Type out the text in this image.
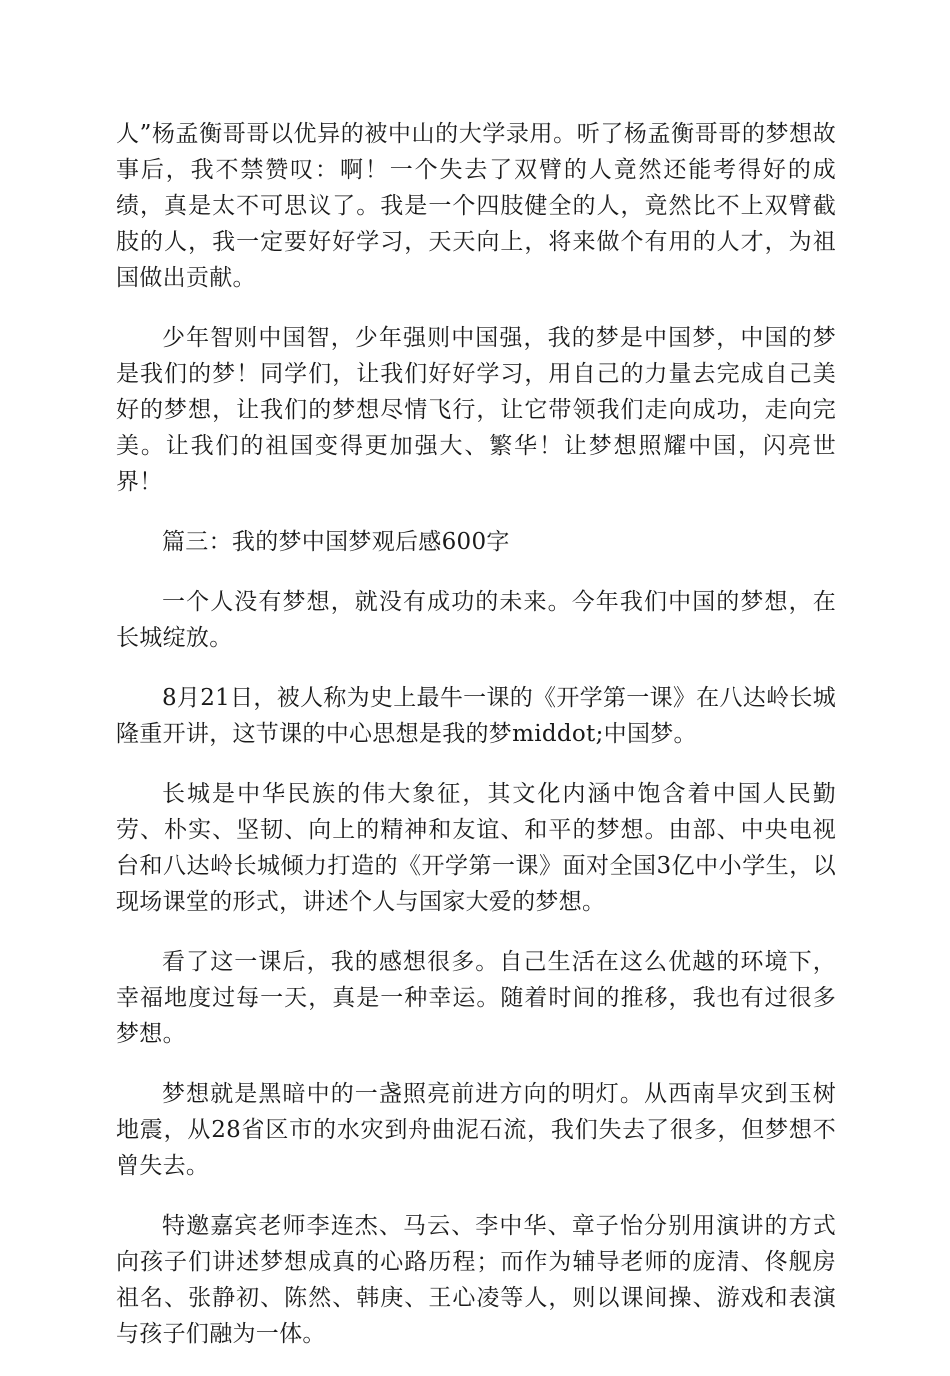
人”杨孟衡哥哥以优异的被中山的大学录用。听了杨孟衡哥哥的梦想故事后，我不禁赞叹：啊！一个失去了双臂的人竟然还能考得好的成绩，真是太不可思议了。我是一个四肢健全的人，竟然比不上双臂截肢的人，我一定要好好学习，天天向上，将来做个有用的人才，为祖国做出贡献。

少年智则中国智，少年强则中国强，我的梦是中国梦，中国的梦是我们的梦！同学们，让我们好好学习，用自己的力量去完成自己美好的梦想，让我们的梦想尽情飞行，让它带领我们走向成功，走向完美。让我们的祖国变得更加强大、繁华！让梦想照耀中国，闪亮世界！

篇三：我的梦中国梦观后感600字

一个人没有梦想，就没有成功的未来。今年我们中国的梦想，在长城绽放。

8月21日，被人称为史上最牛一课的《开学第一课》在八达岭长城隆重开讲，这节课的中心思想是我的梦middot;中国梦。

长城是中华民族的伟大象征，其文化内涵中饱含着中国人民勤劳、朴实、坚韧、向上的精神和友谊、和平的梦想。由部、中央电视台和八达岭长城倾力打造的《开学第一课》面对全国3亿中小学生，以现场课堂的形式，讲述个人与国家大爱的梦想。

看了这一课后，我的感想很多。自己生活在这么优越的环境下，幸福地度过每一天，真是一种幸运。随着时间的推移，我也有过很多梦想。

梦想就是黑暗中的一盏照亮前进方向的明灯。从西南旱灾到玉树地震，从28省区市的水灾到舟曲泥石流，我们失去了很多，但梦想不曾失去。

特邀嘉宾老师李连杰、马云、李中华、章子怡分别用演讲的方式向孩子们讲述梦想成真的心路历程；而作为辅导老师的庞清、佟舰房祖名、张静初、陈然、韩庚、王心凌等人，则以课间操、游戏和表演与孩子们融为一体。
